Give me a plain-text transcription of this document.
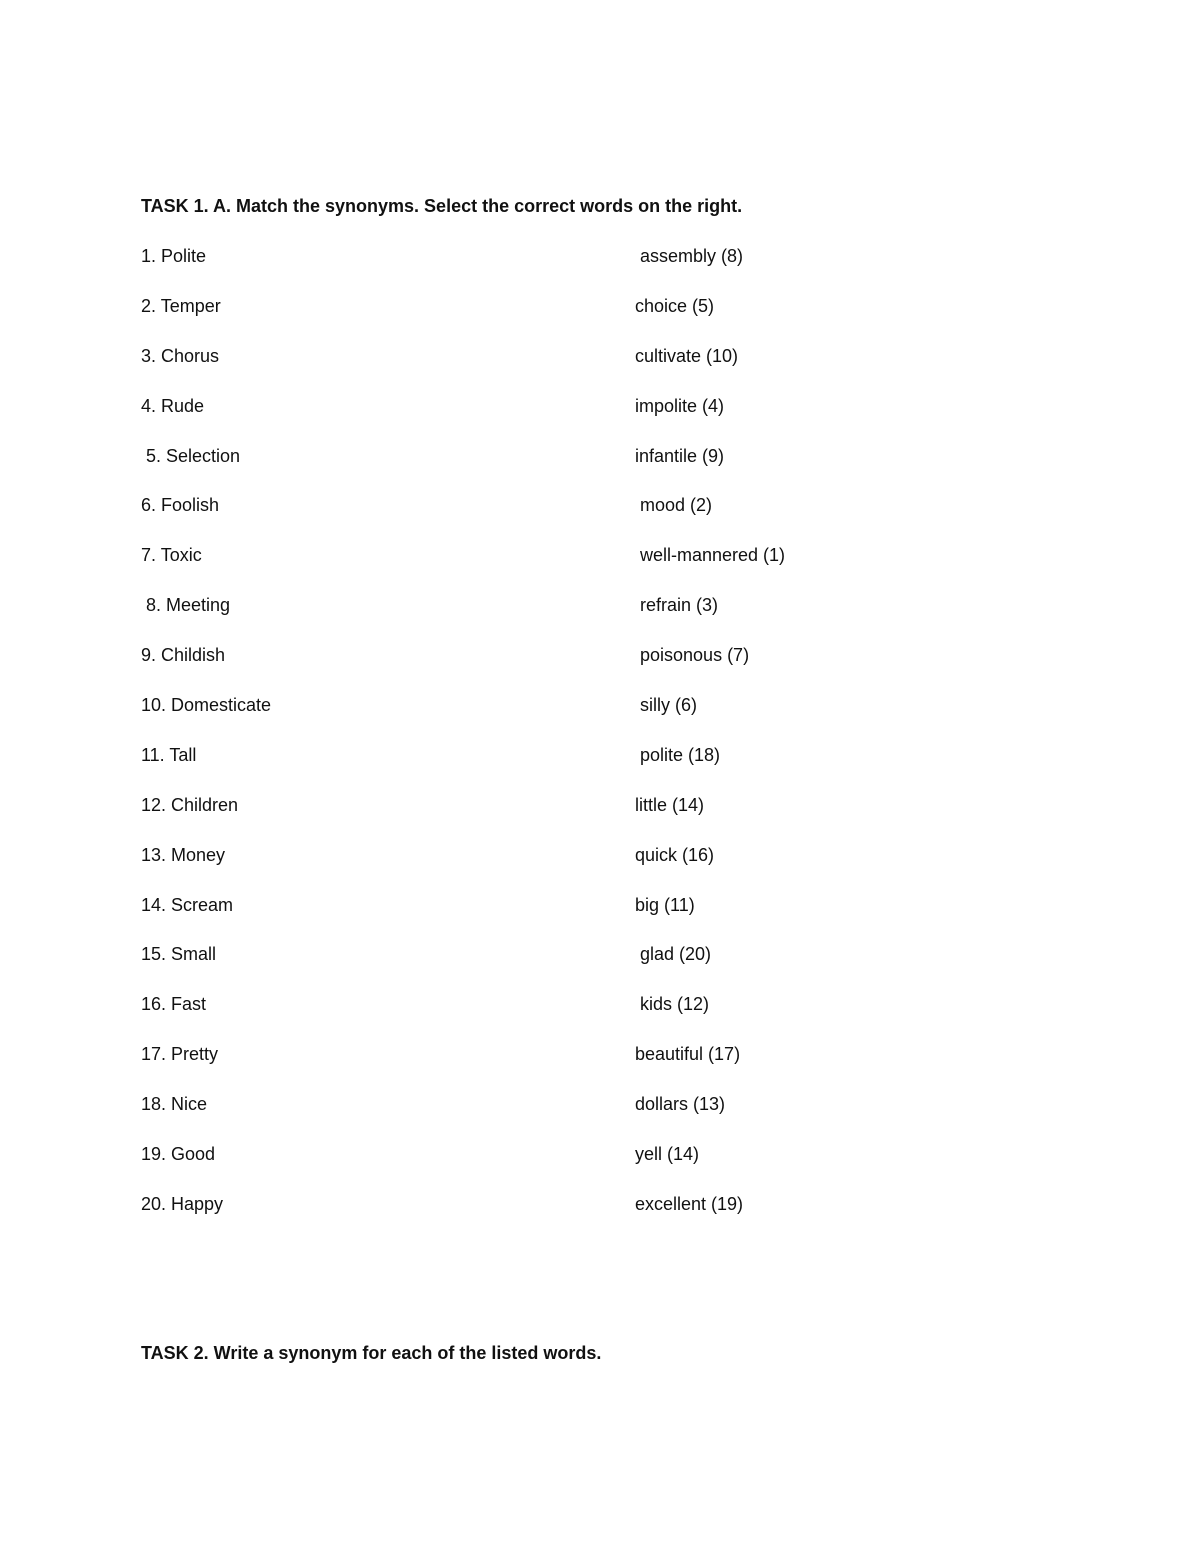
TASK 1. A. Match the synonyms. Select the correct words on the right.
1. Polite	assembly (8)
2. Temper	choice (5)
3. Chorus	cultivate (10)
4. Rude	impolite (4)
5. Selection	infantile (9)
6. Foolish	mood (2)
7. Toxic	well-mannered (1)
8. Meeting	refrain (3)
9. Childish	poisonous (7)
10. Domesticate	silly (6)
11. Tall	polite (18)
12. Children	little (14)
13. Money	quick (16)
14. Scream	big (11)
15. Small	glad (20)
16. Fast	kids (12)
17. Pretty	beautiful (17)
18. Nice	dollars (13)
19. Good	yell (14)
20. Happy	excellent (19)
TASK 2. Write a synonym for each of the listed words.
